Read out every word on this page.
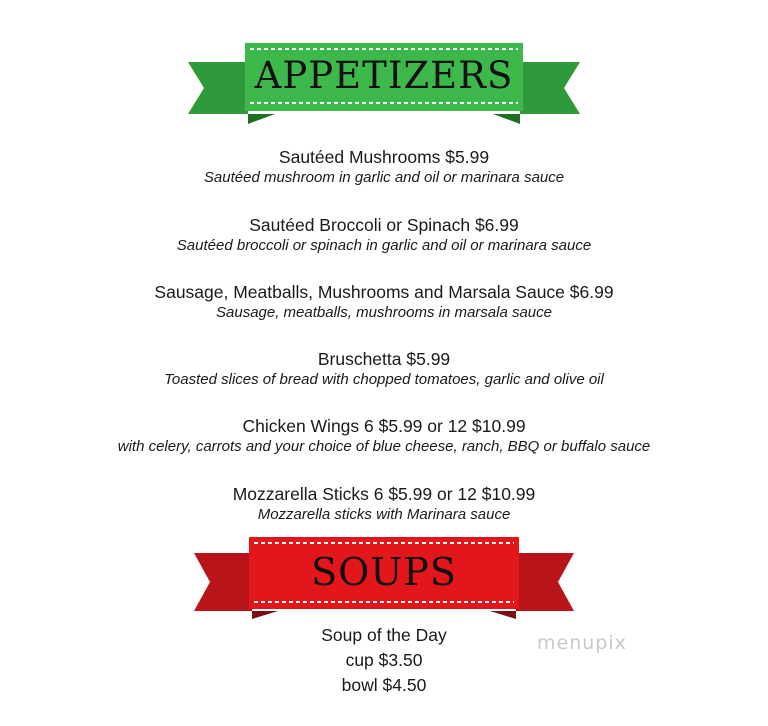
APPETIZERS
Sautéed Mushrooms $5.99
Sautéed mushroom in garlic and oil or marinara sauce
Sautéed Broccoli or Spinach $6.99
Sautéed broccoli or spinach in garlic and oil or marinara sauce
Sausage, Meatballs, Mushrooms and Marsala Sauce $6.99
Sausage, meatballs, mushrooms in marsala sauce
Bruschetta $5.99
Toasted slices of bread with chopped tomatoes, garlic and olive oil
Chicken Wings 6 $5.99 or 12 $10.99
with celery, carrots and your choice of blue cheese, ranch, BBQ or buffalo sauce
Mozzarella Sticks 6 $5.99 or 12 $10.99
Mozzarella sticks with Marinara sauce
SOUPS
Soup of the Day
cup $3.50
bowl $4.50
menupix
